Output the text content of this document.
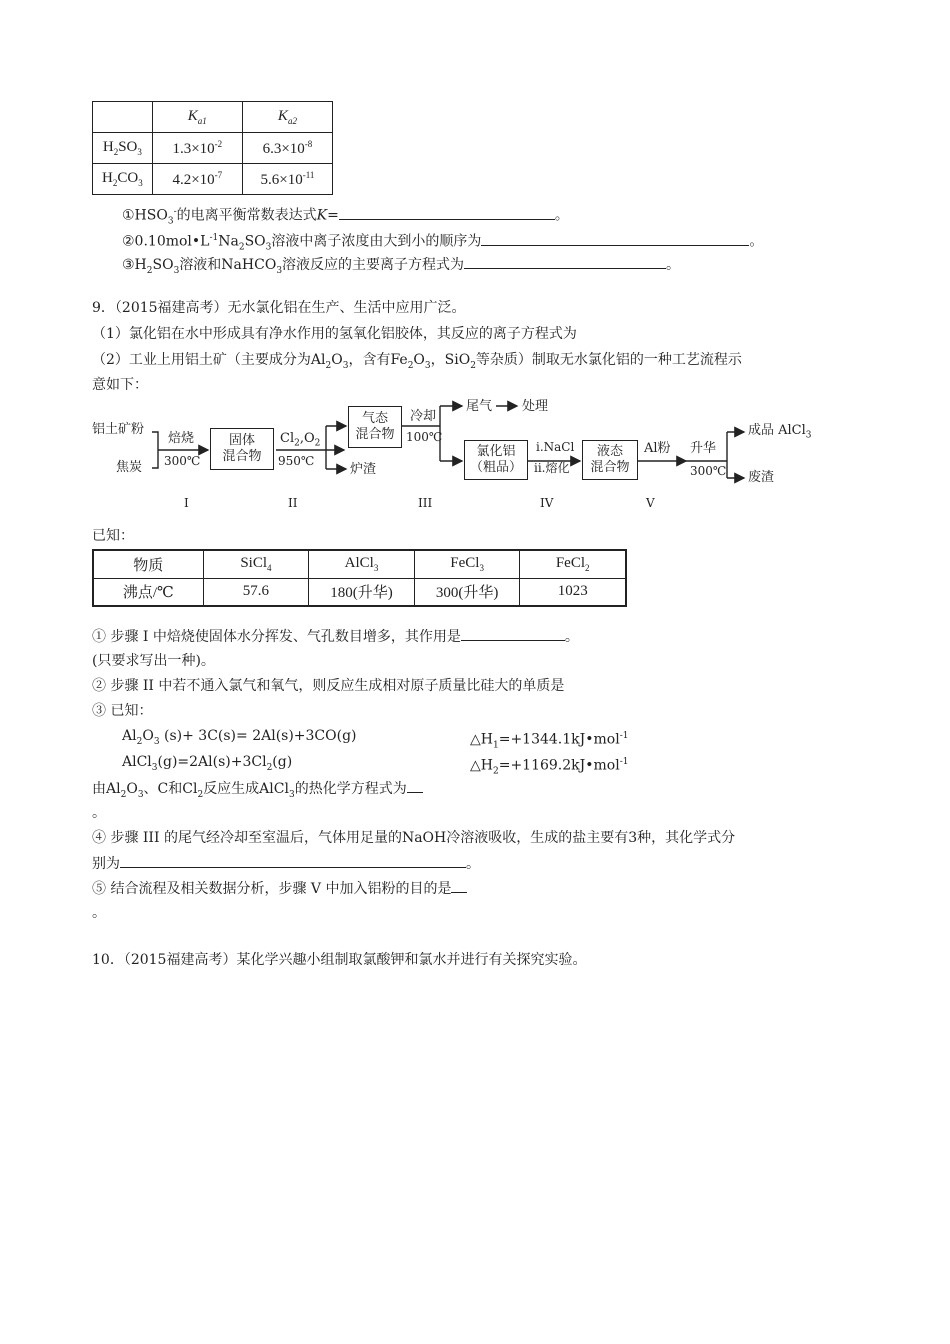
	$K_{a1}$	$K_{a2}$
$H_2SO_3$	$1.3\times 10^{-2}$	$6.3\times 10^{-8}$
$H_2CO_3$	$4.2\times 10^{-7}$	$5.6\times 10^{-11}$
$①HSO_3^-$的电离平衡常数表达式K=	。
$②0.10mol•L^{-1}Na_2SO_3$溶液中离子浓度由大到小的顺序为	。
$③H_2SO_3$溶液和NaHCO$_3$溶液反应的主要离子方程式为	。
9．（2015福建高考）无水氯化铝在生产、生活中应用广泛。
（1）氯化铝在水中形成具有净水作用的氢氧化铝胶体，其反应的离子方程式为
（2）工业上用铝土矿（主要成分为$Al_2O_3$，含有$Fe_2O_3$，SiO$_2$等杂质）制取无水氯化铝的一种工艺流程示
意如下：
铝土矿粉
焦炭
焙烧
300℃
固体
混合物
$Cl_2,O_2$
950℃
气态
混合物
炉渣
冷却
100℃
尾气 处理
氯化铝
（粗品）
i.NaCl
ii.熔化
液态
混合物
Al粉 升华
300℃
成品 AlCl$_3$
废渣
I	II	III	IV	V
已知：
物质	SiCl$_4$	AlCl$_3$	FeCl$_3$	FeCl$_2$
沸点/℃	57.6	180(升华)	300(升华)	1023
① 步骤 I 中焙烧使固体水分挥发、气孔数目增多，其作用是	。
(只要求写出一种)。
② 步骤 II 中若不通入氯气和氧气，则反应生成相对原子质量比硅大的单质是
③ 已知：
$Al_2O_3$ (s)+ 3C(s)= 2Al(s)+3CO(g)	$\triangle H_1=+1344.1kJ•mol^{-1}$
$AlCl_3(g)=2Al(s)+3Cl_2(g)$	$\triangle H_2=+1169.2kJ•mol^{-1}$
由$Al_2O_3$、C和$Cl_2$反应生成AlCl$_3$的热化学方程式为
。
④ 步骤 III 的尾气经冷却至室温后，气体用足量的NaOH冷溶液吸收，生成的盐主要有3种，其化学式分
别为	。
⑤ 结合流程及相关数据分析，步骤 V 中加入铝粉的目的是
。
10．（2015福建高考）某化学兴趣小组制取氯酸钾和氯水并进行有关探究实验。
